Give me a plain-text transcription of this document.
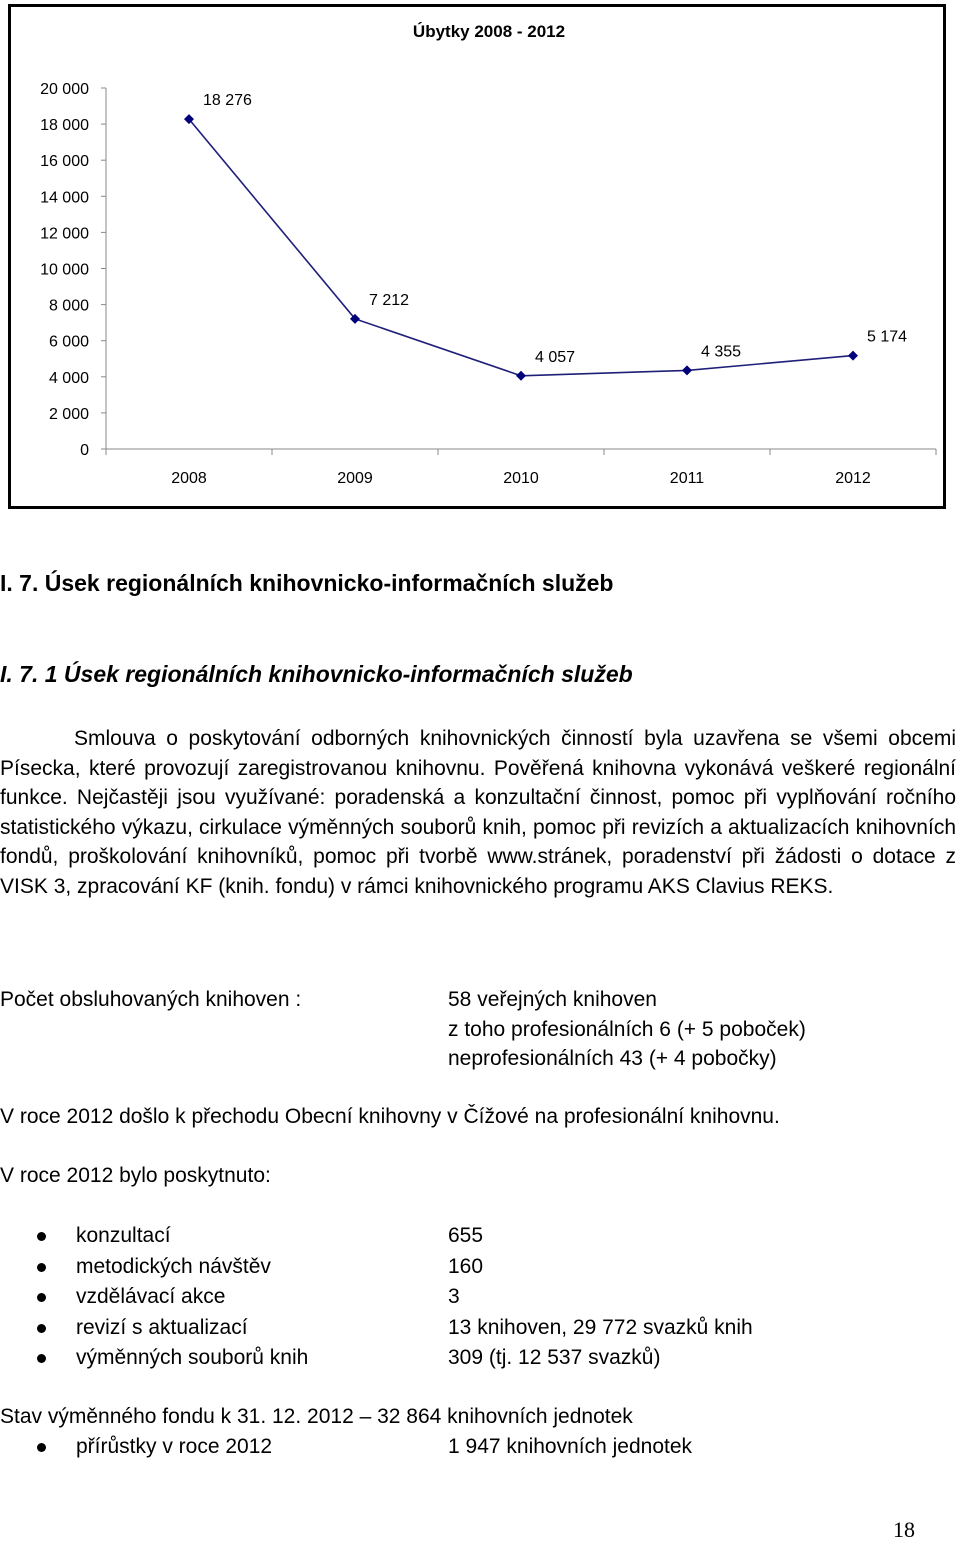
Úbytky 2008 - 2012
0
2 000
4 000
6 000
8 000
10 000
12 000
14 000
16 000
18 000
20 000
2008	2009	2010	2011	2012
18 276
7 212
4 057	4 355
5 174
I. 7. Úsek regionálních knihovnicko-informačních služeb
I. 7. 1 Úsek regionálních knihovnicko-informačních služeb

Smlouva o poskytování odborných knihovnických činností byla uzavřena se všemi obcemi Písecka, které provozují zaregistrovanou knihovnu. Pověřená knihovna vykonává veškeré regionální funkce. Nejčastěji jsou využívané: poradenská a konzultační činnost, pomoc při vyplňování ročního statistického výkazu, cirkulace výměnných souborů knih, pomoc při revizích a aktualizacích knihovních fondů, proškolování knihovníků, pomoc při tvorbě www.stránek, poradenství při žádosti o dotace z VISK 3, zpracování KF (knih. fondu) v rámci knihovnického programu AKS Clavius REKS.

Počet obsluhovaných knihoven :	58 veřejných knihoven
z toho profesionálních 6 (+ 5 poboček)
neprofesionálních 43 (+ 4 pobočky)
V roce 2012 došlo k přechodu Obecní knihovny v Čížové na profesionální knihovnu.
V roce 2012 bylo poskytnuto:
konzultací	655
metodických návštěv	160
vzdělávací akce	3
revizí s aktualizací	13 knihoven, 29 772 svazků knih
výměnných souborů knih	309 (tj. 12 537 svazků)
Stav výměnného fondu k 31. 12. 2012 – 32 864 knihovních jednotek
přírůstky v roce 2012	1 947 knihovních jednotek
18
